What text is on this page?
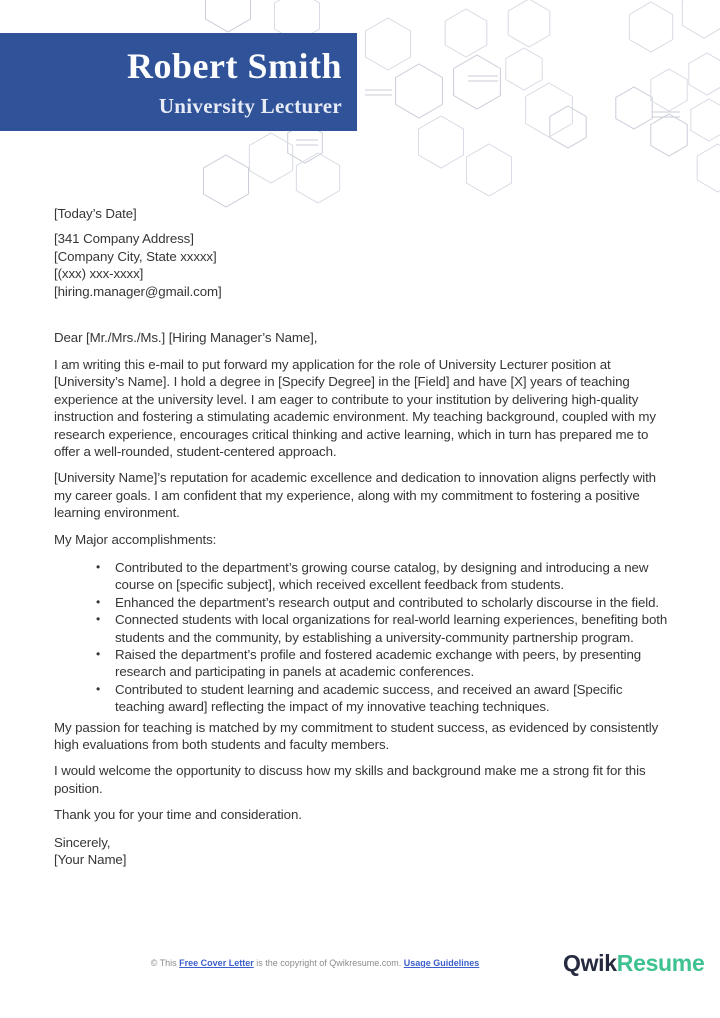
Robert Smith
University Lecturer
[Today’s Date]
[341 Company Address]
[Company City, State xxxxx]
[(xxx) xxx-xxxx]
[hiring.manager@gmail.com]
Dear [Mr./Mrs./Ms.] [Hiring Manager’s Name],

I am writing this e-mail to put forward my application for the role of University Lecturer position at [University’s Name]. I hold a degree in [Specify Degree] in the [Field] and have [X] years of teaching experience at the university level. I am eager to contribute to your institution by delivering high-quality instruction and fostering a stimulating academic environment. My teaching background, coupled with my research experience, encourages critical thinking and active learning, which in turn has prepared me to offer a well-rounded, student-centered approach.

[University Name]’s reputation for academic excellence and dedication to innovation aligns perfectly with my career goals. I am confident that my experience, along with my commitment to fostering a positive learning environment.

My Major accomplishments:
• Contributed to the department’s growing course catalog, by designing and introducing a new course on [specific subject], which received excellent feedback from students.
• Enhanced the department’s research output and contributed to scholarly discourse in the field.
• Connected students with local organizations for real-world learning experiences, benefiting both students and the community, by establishing a university-community partnership program.
• Raised the department’s profile and fostered academic exchange with peers, by presenting research and participating in panels at academic conferences.
• Contributed to student learning and academic success, and received an award [Specific teaching award] reflecting the impact of my innovative teaching techniques.

My passion for teaching is matched by my commitment to student success, as evidenced by consistently high evaluations from both students and faculty members.

I would welcome the opportunity to discuss how my skills and background make me a strong fit for this position.

Thank you for your time and consideration.

Sincerely,
[Your Name]
© This Free Cover Letter is the copyright of Qwikresume.com. Usage Guidelines	QwikResume
